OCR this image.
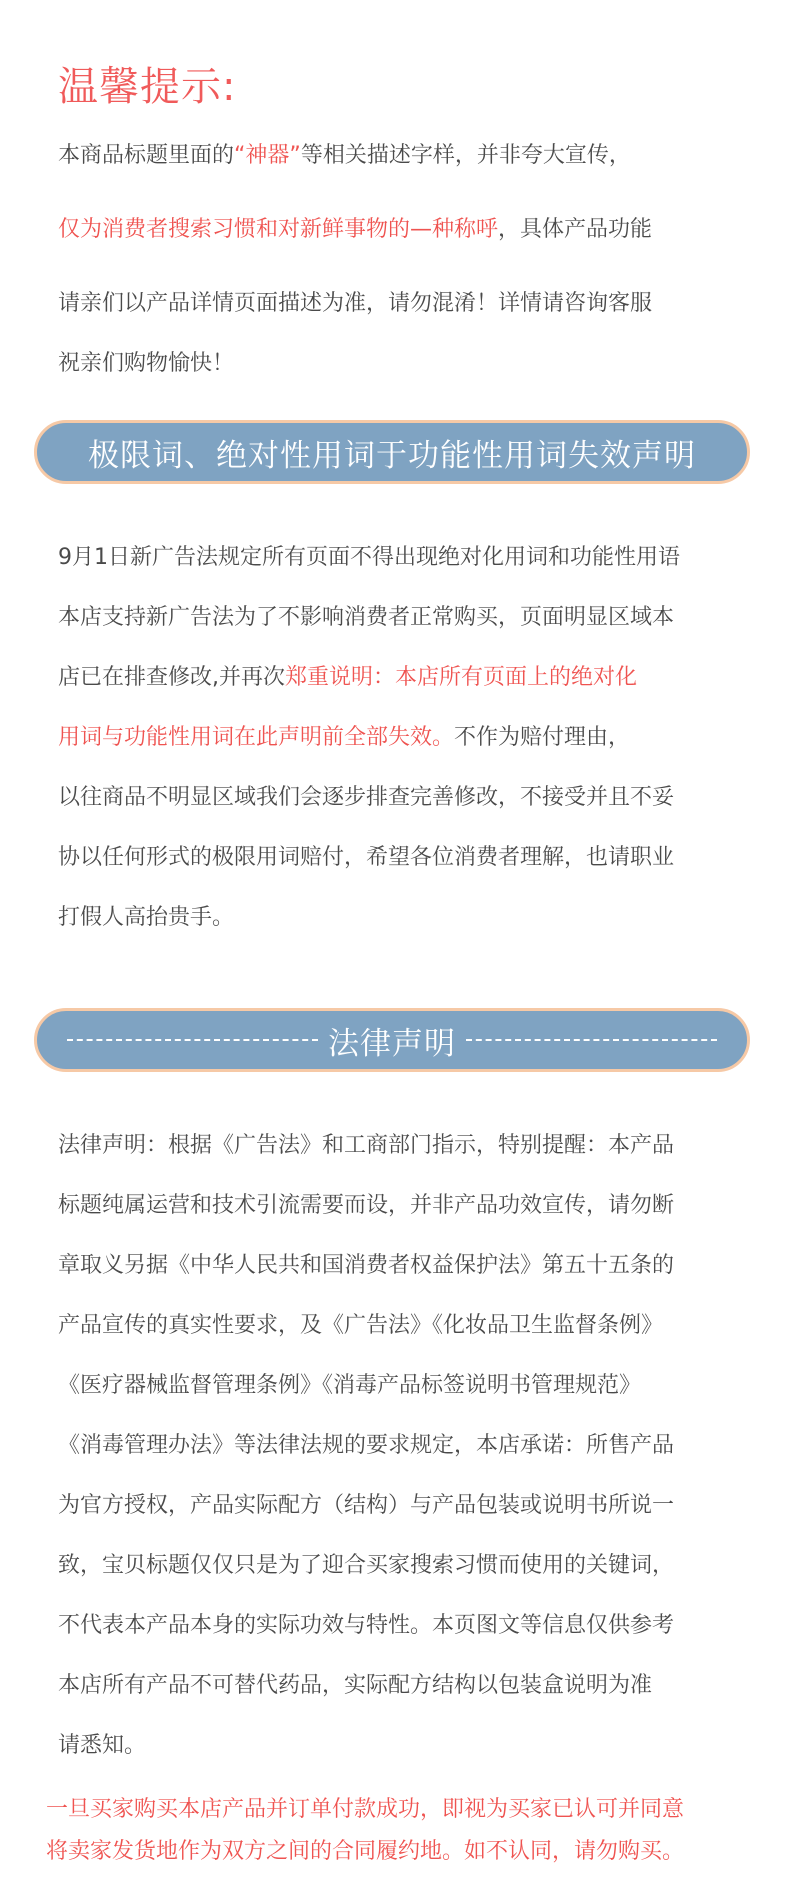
温馨提示:
本商品标题里面的“神器”等相关描述字样，并非夸大宣传，
仅为消费者搜索习惯和对新鲜事物的—种称呼，具体产品功能
请亲们以产品详情页面描述为准，请勿混淆！详情请咨询客服
祝亲们购物愉快！
极限词、绝对性用词于功能性用词失效声明
9月1日新广告法规定所有页面不得出现绝对化用词和功能性用语
本店支持新广告法为了不影响消费者正常购买，页面明显区域本
店已在排查修改,并再次郑重说明：本店所有页面上的绝对化
用词与功能性用词在此声明前全部失效。不作为赔付理由，
以往商品不明显区域我们会逐步排查完善修改，不接受并且不妥
协以任何形式的极限用词赔付，希望各位消费者理解，也请职业
打假人高抬贵手。
法律声明
法律声明：根据《广告法》和工商部门指示，特别提醒：本产品
标题纯属运营和技术引流需要而设，并非产品功效宣传，请勿断
章取义另据《中华人民共和国消费者权益保护法》第五十五条的
产品宣传的真实性要求，及《广告法》《化妆品卫生监督条例》
《医疗器械监督管理条例》《消毒产品标签说明书管理规范》
《消毒管理办法》等法律法规的要求规定，本店承诺：所售产品
为官方授权，产品实际配方（结构）与产品包装或说明书所说一
致，宝贝标题仅仅只是为了迎合买家搜索习惯而使用的关键词，
不代表本产品本身的实际功效与特性。本页图文等信息仅供参考
本店所有产品不可替代药品，实际配方结构以包装盒说明为准
请悉知。
一旦买家购买本店产品并订单付款成功，即视为买家已认可并同意
将卖家发货地作为双方之间的合同履约地。如不认同，请勿购买。
